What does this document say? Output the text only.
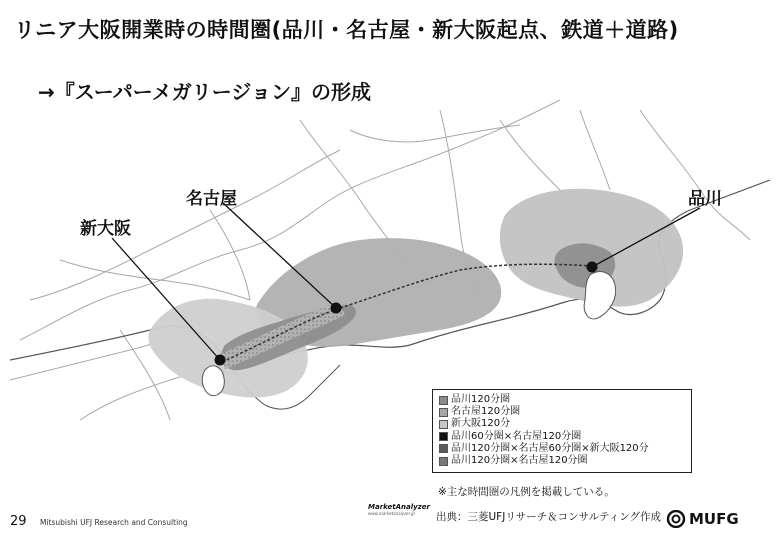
リニア大阪開業時の時間圏(品川・名古屋・新大阪起点、鉄道＋道路)
→『スーパーメガリージョン』の形成
名古屋
新大阪
品川
品川120分圏
名古屋120分圏
新大阪120分
品川60分圏×名古屋120分圏
品川120分圏×名古屋60分圏×新大阪120分
品川120分圏×名古屋120分圏
※主な時間圏の凡例を掲載している。
29 Mitsubishi UFJ Research and Consulting
MarketAnalyzer
www.marketanalyzer.jp	出典：三菱UFJリサーチ＆コンサルティング作成 MUFG
